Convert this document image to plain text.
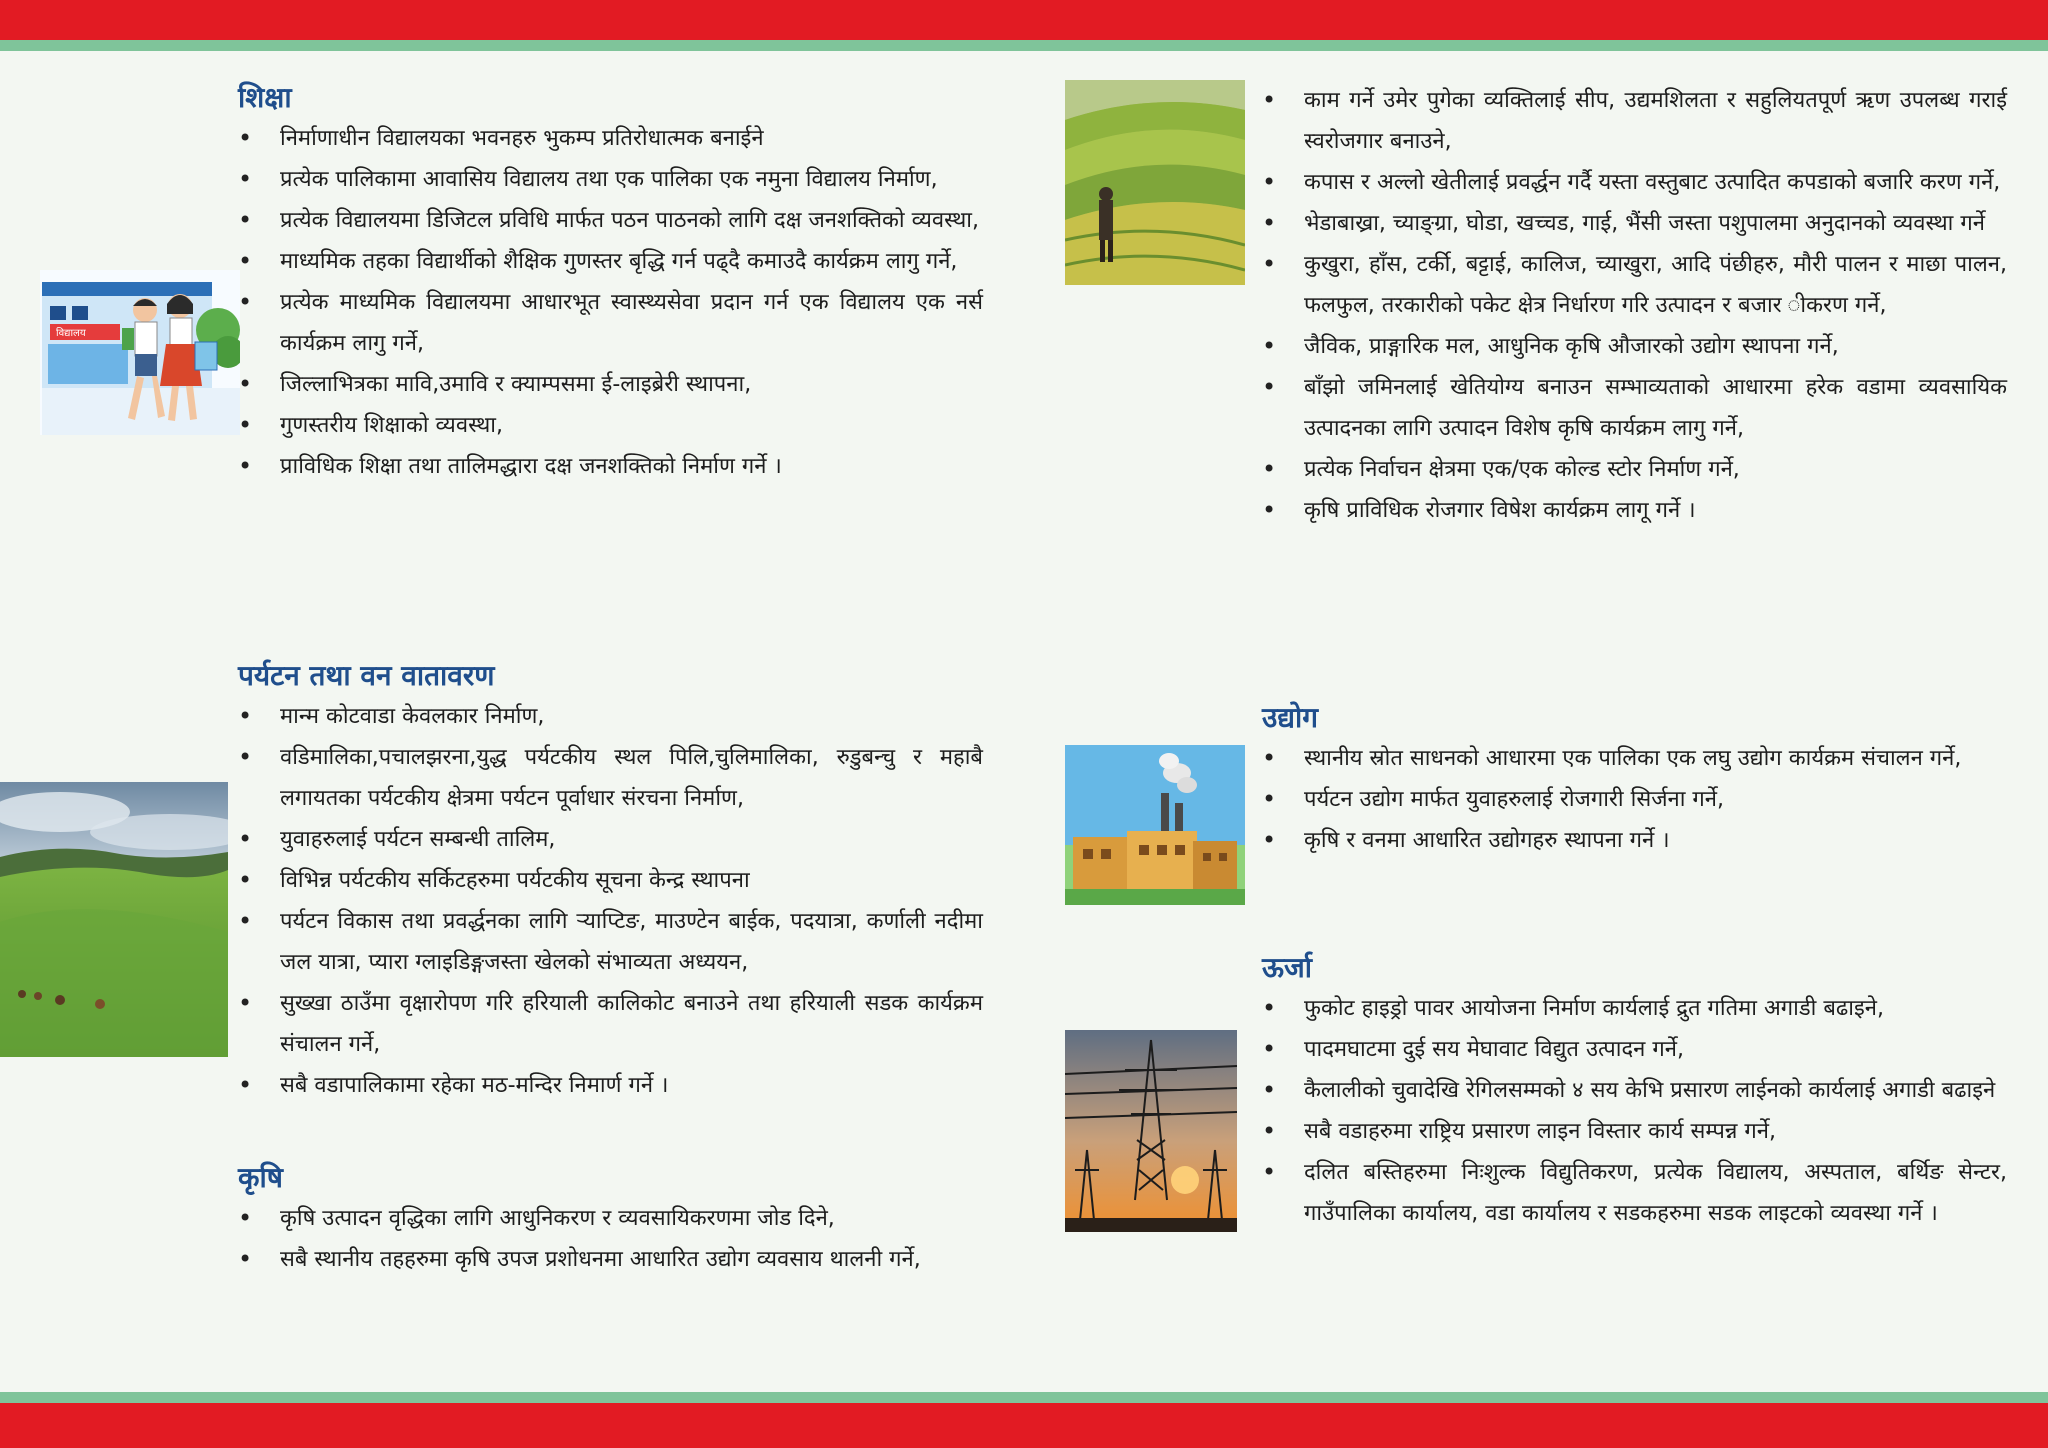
शिक्षा
• निर्माणाधीन विद्यालयका भवनहरु भुकम्प प्रतिरोधात्मक बनाईने
• प्रत्येक पालिकामा आवासिय विद्यालय तथा एक पालिका एक नमुना विद्यालय निर्माण,
• प्रत्येक विद्यालयमा डिजिटल प्रविधि मार्फत पठन पाठनको लागि दक्ष जनशक्तिको व्यवस्था,
• माध्यमिक तहका विद्यार्थीको शैक्षिक गुणस्तर बृद्धि गर्न पढ्दै कमाउदै कार्यक्रम लागु गर्ने,
• प्रत्येक माध्यमिक विद्यालयमा आधारभूत स्वास्थ्यसेवा प्रदान गर्न एक विद्यालय एक नर्स कार्यक्रम लागु गर्ने,
• जिल्लाभित्रका मावि,उमावि र क्याम्पसमा ई-लाइब्रेरी स्थापना,
• गुणस्तरीय शिक्षाको व्यवस्था,
• प्राविधिक शिक्षा तथा तालिमद्धारा दक्ष जनशक्तिको निर्माण गर्ने ।
विद्यालय
पर्यटन तथा वन वातावरण
• मान्म कोटवाडा केवलकार निर्माण,
• वडिमालिका,पचालझरना,युद्ध पर्यटकीय स्थल पिलि,चुलिमालिका, रुडुबन्चु र महाबै लगायतका पर्यटकीय क्षेत्रमा पर्यटन पूर्वाधार संरचना निर्माण,
• युवाहरुलाई पर्यटन सम्बन्धी तालिम,
• विभिन्न पर्यटकीय सर्किटहरुमा पर्यटकीय सूचना केन्द्र स्थापना
• पर्यटन विकास तथा प्रवर्द्धनका लागि र्‍याप्टिङ, माउण्टेन बाईक, पदयात्रा, कर्णाली नदीमा जल यात्रा, प्यारा ग्लाइडिङ्गजस्ता खेलको संभाव्यता अध्ययन,
• सुख्खा ठाउँमा वृक्षारोपण गरि हरियाली कालिकोट बनाउने तथा हरियाली सडक कार्यक्रम संचालन गर्ने,
• सबै वडापालिकामा रहेका मठ-मन्दिर निमार्ण गर्ने ।
कृषि
• कृषि उत्पादन वृद्धिका लागि आधुनिकरण र व्यवसायिकरणमा जोड दिने,
• सबै स्थानीय तहहरुमा कृषि उपज प्रशोधनमा आधारित उद्योग व्यवसाय थालनी गर्ने,
• काम गर्ने उमेर पुगेका व्यक्तिलाई सीप, उद्यमशिलता र सहुलियतपूर्ण ऋण उपलब्ध गराई स्वरोजगार बनाउने,
• कपास र अल्लो खेतीलाई प्रवर्द्धन गर्दै यस्ता वस्तुबाट उत्पादित कपडाको बजारि करण गर्ने,
• भेडाबाख्रा, च्याङ्ग्रा, घोडा, खच्चड, गाई, भैंसी जस्ता पशुपालमा अनुदानको व्यवस्था गर्ने
• कुखुरा, हाँस, टर्की, बट्टाई, कालिज, च्याखुरा, आदि पंछीहरु, मौरी पालन र माछा पालन, फलफुल, तरकारीको पकेट क्षेत्र निर्धारण गरि उत्पादन र बजार ीकरण गर्ने,
• जैविक, प्राङ्गारिक मल, आधुनिक कृषि औजारको उद्योग स्थापना गर्ने,
• बाँझो जमिनलाई खेतियोग्य बनाउन सम्भाव्यताको आधारमा हरेक वडामा व्यवसायिक उत्पादनका लागि उत्पादन विशेष कृषि कार्यक्रम लागु गर्ने,
• प्रत्येक निर्वाचन क्षेत्रमा एक/एक कोल्ड स्टोर निर्माण गर्ने,
• कृषि प्राविधिक रोजगार विषेश कार्यक्रम लागू गर्ने ।
उद्योग
• स्थानीय स्रोत साधनको आधारमा एक पालिका एक लघु उद्योग कार्यक्रम संचालन गर्ने,
• पर्यटन उद्योग मार्फत युवाहरुलाई रोजगारी सिर्जना गर्ने,
• कृषि र वनमा आधारित उद्योगहरु स्थापना गर्ने ।
ऊर्जा
• फुकोट हाइड्रो पावर आयोजना निर्माण कार्यलाई द्रुत गतिमा अगाडी बढाइने,
• पादमघाटमा दुई सय मेघावाट विद्युत उत्पादन गर्ने,
• कैलालीको चुवादेखि रेगिलसम्मको ४ सय केभि प्रसारण लाईनको कार्यलाई अगाडी बढाइने
• सबै वडाहरुमा राष्ट्रिय प्रसारण लाइन विस्तार कार्य सम्पन्न गर्ने,
• दलित बस्तिहरुमा निःशुल्क विद्युतिकरण, प्रत्येक विद्यालय, अस्पताल, बर्थिङ सेन्टर, गाउँपालिका कार्यालय, वडा कार्यालय र सडकहरुमा सडक लाइटको व्यवस्था गर्ने ।
